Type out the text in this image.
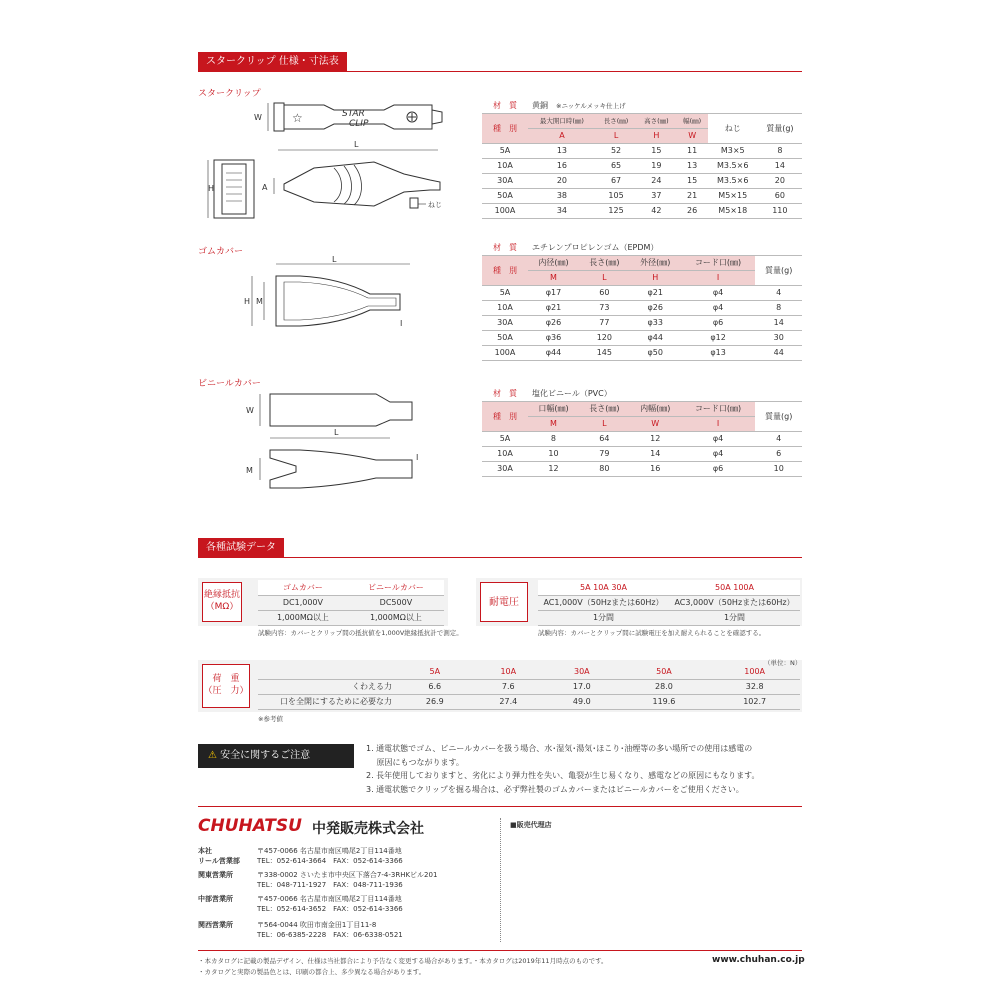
スタークリップ 仕様・寸法表
スタークリップ
☆	STAR
CLIP
W
L
H
ねじ
A
材　質	黄銅　 ※ニッケルメッキ仕上げ					
種　別	最大開口時(㎜)	長さ(㎜)	高さ(㎜)	幅(㎜)	ねじ	質量(g)
	A	L	H	W		
5A	13	52	15	11	M3×5	8
10A	16	65	19	13	M3.5×6	14
30A	20	67	24	15	M3.5×6	20
50A	38	105	37	21	M5×15	60
100A	34	125	42	26	M5×18	110
ゴムカバー
L
H M
I
材　質	エチレンプロピレンゴム（EPDM）				
種　別	内径(㎜)	長さ(㎜)	外径(㎜)	コード口(㎜)	質量(g)
	M	L	H	I	
5A	φ17	60	φ21	φ4	4
10A	φ21	73	φ26	φ4	8
30A	φ26	77	φ33	φ6	14
50A	φ36	120	φ44	φ12	30
100A	φ44	145	φ50	φ13	44
ビニールカバー
W
L
M
I
材　質	塩化ビニール（PVC）				
種　別	口幅(㎜)	長さ(㎜)	内幅(㎜)	コード口(㎜)	質量(g)
	M	L	W	I	
5A	8	64	12	φ4	4
10A	10	79	14	φ4	6
30A	12	80	16	φ6	10
各種試験データ
絶縁抵抗
（MΩ）
ゴムカバー	ビニールカバー
DC1,000V	DC500V
1,000MΩ以上	1,000MΩ以上
試験内容：カバーとクリップ間の抵抗値を1,000V絶縁抵抗計で測定。
耐電圧
5A 10A 30A	50A 100A
AC1,000V（50Hzまたは60Hz）	AC3,000V（50Hzまたは60Hz）
1分間	1分間
試験内容：カバーとクリップ間に試験電圧を加え耐えられることを確認する。
荷　重
（圧　力）
（単位：N）
	5A	10A	30A	50A	100A
くわえる力	6.6	7.6	17.0	28.0	32.8
口を全開にするために必要な力	26.9	27.4	49.0	119.6	102.7
※参考値
⚠ 安全に関するご注意
1. 通電状態でゴム、ビニールカバーを扱う場合、水･湿気･湯気･ほこり･油煙等の多い場所での使用は感電の
　 原因にもつながります。
2. 長年使用しておりますと、劣化により弾力性を失い、亀裂が生じ易くなり、感電などの原因にもなります。
3. 通電状態でクリップを掘る場合は、必ず弊社製のゴムカバーまたはビニールカバーをご使用ください。
CHUHATSU 中発販売株式会社	■販売代理店
本社
リール営業部
〒457-0066 名古屋市南区鳴尾2丁目114番地
TEL：052-614-3664　FAX：052-614-3366
関東営業所	〒338-0002 さいたま市中央区下落合7-4-3RHKビル201
TEL：048-711-1927　FAX：048-711-1936
中部営業所	〒457-0066 名古屋市南区鳴尾2丁目114番地
TEL：052-614-3652　FAX：052-614-3366
関西営業所	〒564-0044 吹田市南金田1丁目11-8
TEL：06-6385-2228　FAX：06-6338-0521
・本カタログに記載の製品デザイン、仕様は当社都合により予告なく変更する場合があります。・本カタログは2019年11月時点のものです。
・カタログと実際の製品色とは、印刷の都合上、多少異なる場合があります。
www.chuhan.co.jp
